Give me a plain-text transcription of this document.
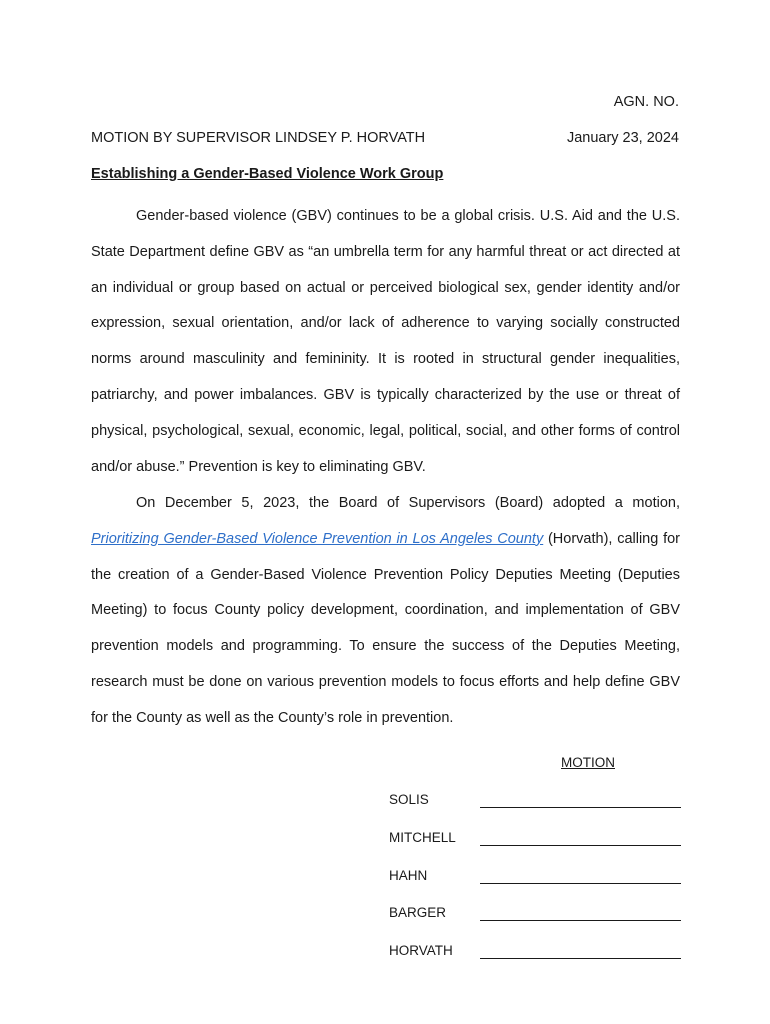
AGN. NO.
MOTION BY SUPERVISOR LINDSEY P. HORVATH	January 23, 2024
Establishing a Gender-Based Violence Work Group

Gender-based violence (GBV) continues to be a global crisis. U.S. Aid and the U.S. State Department define GBV as “an umbrella term for any harmful threat or act directed at an individual or group based on actual or perceived biological sex, gender identity and/or expression, sexual orientation, and/or lack of adherence to varying socially constructed norms around masculinity and femininity. It is rooted in structural gender inequalities, patriarchy, and power imbalances. GBV is typically characterized by the use or threat of physical, psychological, sexual, economic, legal, political, social, and other forms of control and/or abuse.” Prevention is key to eliminating GBV.

On December 5, 2023, the Board of Supervisors (Board) adopted a motion, Prioritizing Gender-Based Violence Prevention in Los Angeles County (Horvath), calling for the creation of a Gender-Based Violence Prevention Policy Deputies Meeting (Deputies Meeting) to focus County policy development, coordination, and implementation of GBV prevention models and programming. To ensure the success of the Deputies Meeting, research must be done on various prevention models to focus efforts and help define GBV for the County as well as the County’s role in prevention.

MOTION
SOLIS
MITCHELL
HAHN
BARGER
HORVATH
